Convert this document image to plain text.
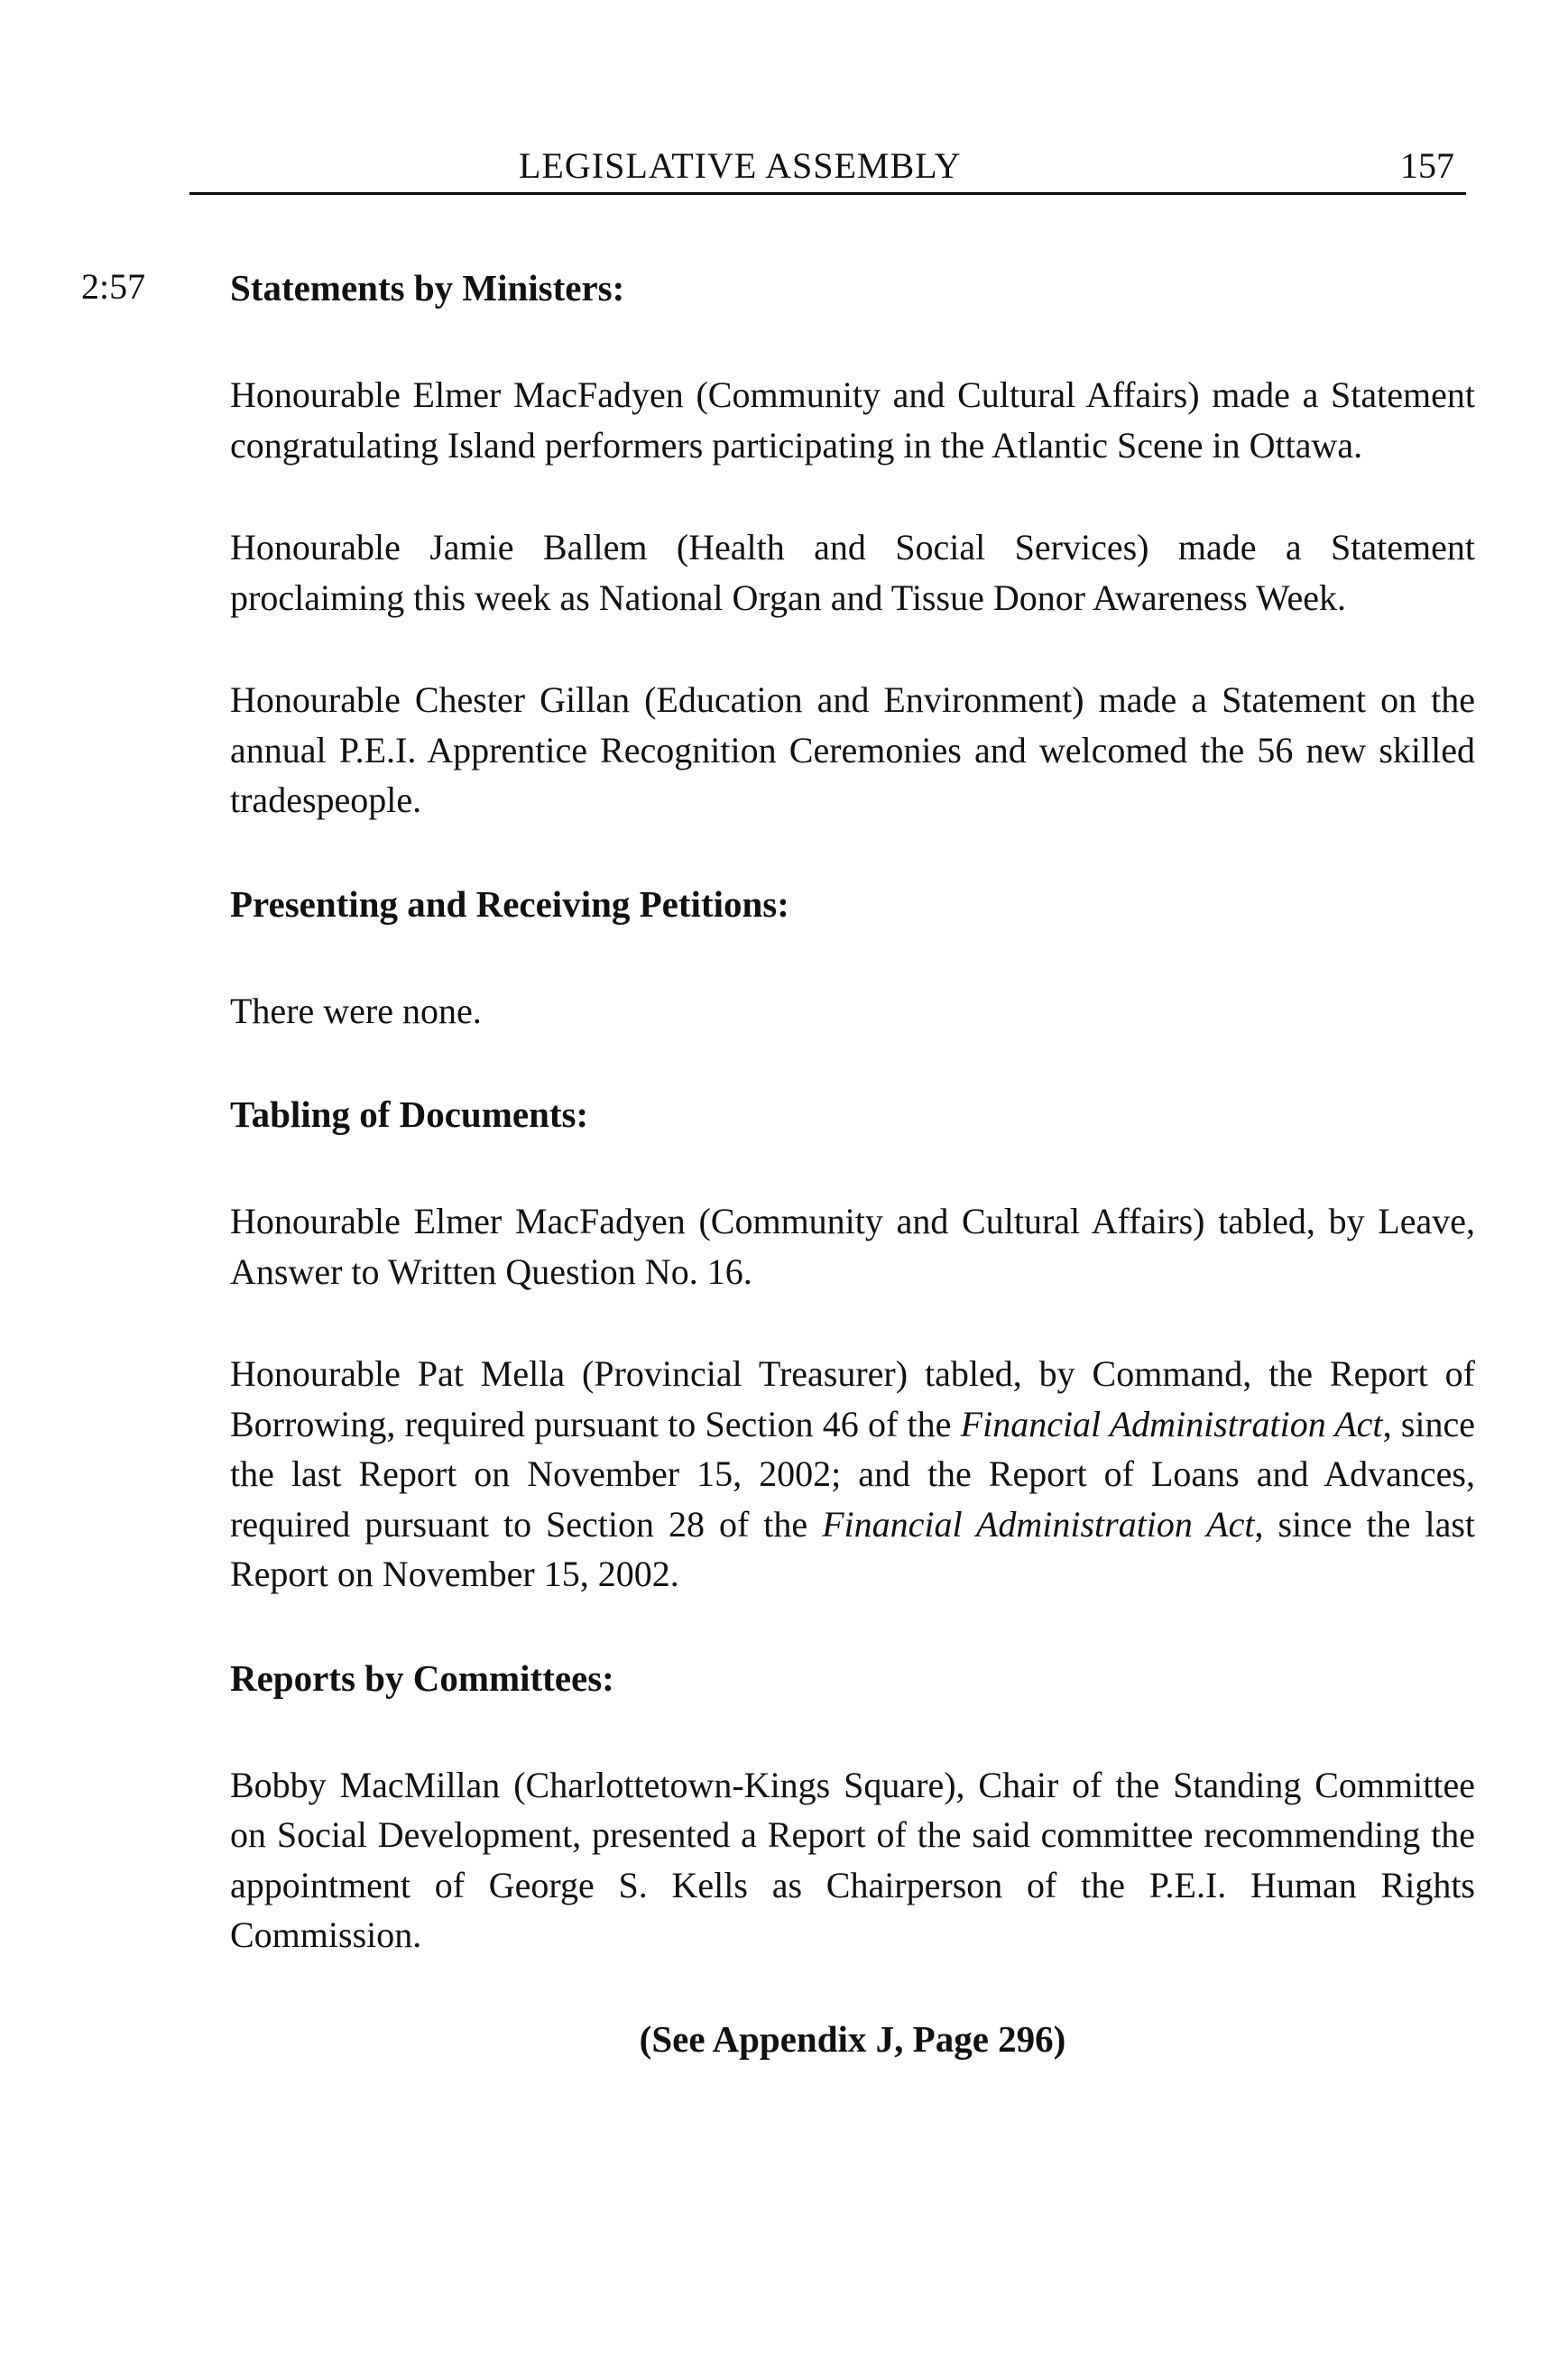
LEGISLATIVE ASSEMBLY	157
2:57 Statements by Ministers:

Honourable Elmer MacFadyen (Community and Cultural Affairs) made a Statement congratulating Island performers participating in the Atlantic Scene in Ottawa.

Honourable Jamie Ballem (Health and Social Services) made a Statement proclaiming this week as National Organ and Tissue Donor Awareness Week.

Honourable Chester Gillan (Education and Environment) made a Statement on the annual P.E.I. Apprentice Recognition Ceremonies and welcomed the 56 new skilled tradespeople.

Presenting and Receiving Petitions:

There were none.

Tabling of Documents:

Honourable Elmer MacFadyen (Community and Cultural Affairs) tabled, by Leave, Answer to Written Question No. 16.

Honourable Pat Mella (Provincial Treasurer) tabled, by Command, the Report of Borrowing, required pursuant to Section 46 of the Financial Administration Act, since the last Report on November 15, 2002; and the Report of Loans and Advances, required pursuant to Section 28 of the Financial Administration Act, since the last Report on November 15, 2002.

Reports by Committees:

Bobby MacMillan (Charlottetown-Kings Square), Chair of the Standing Committee on Social Development, presented a Report of the said committee recommending the appointment of George S. Kells as Chairperson of the P.E.I. Human Rights Commission.

(See Appendix J, Page 296)
